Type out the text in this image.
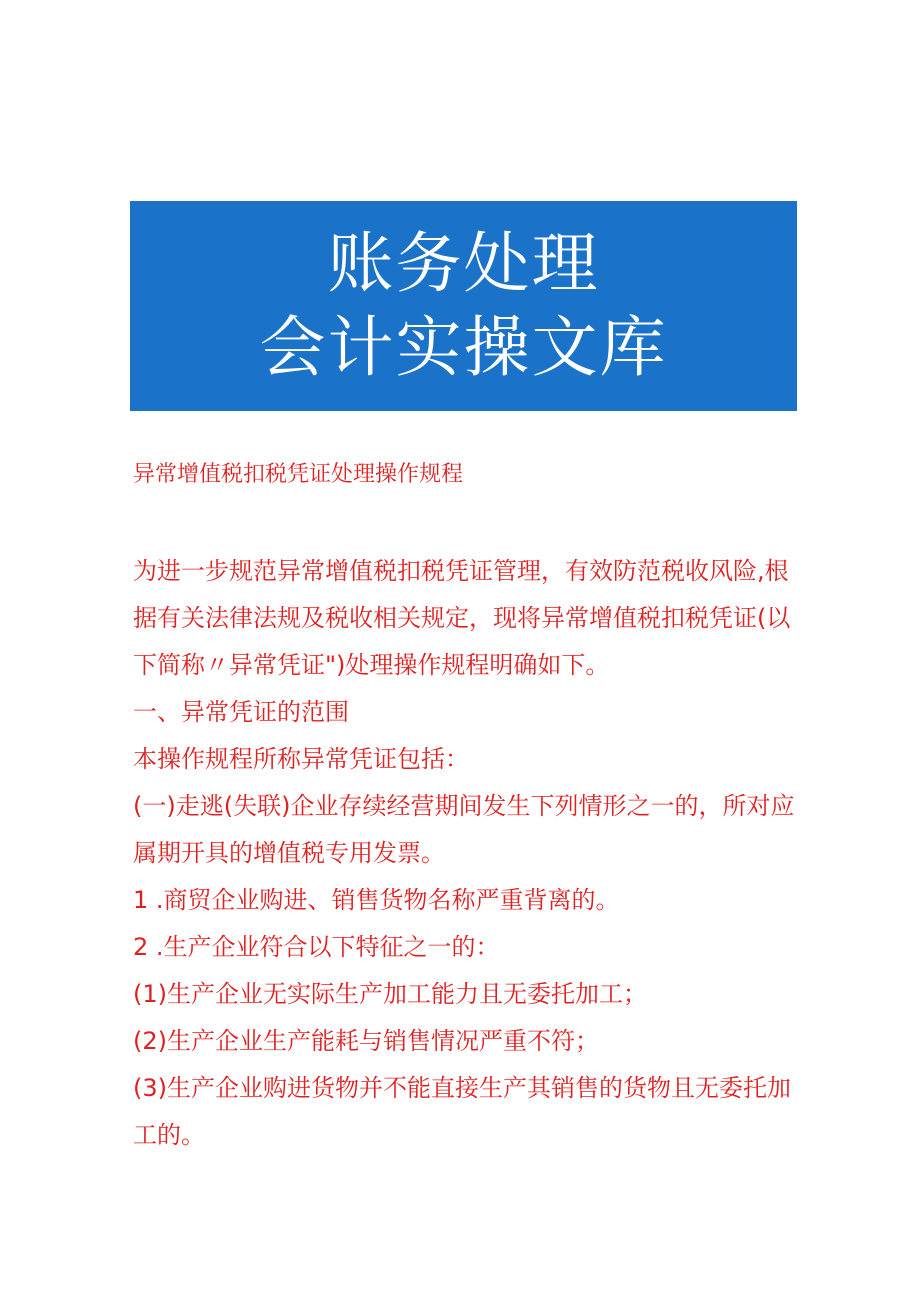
账务处理
会计实操文库
异常增值税扣税凭证处理操作规程

为进一步规范异常增值税扣税凭证管理，有效防范税收风险,根据有关法律法规及税收相关规定，现将异常增值税扣税凭证(以下简称〃异常凭证")处理操作规程明确如下。

一、异常凭证的范围

本操作规程所称异常凭证包括：

(一)走逃(失联)企业存续经营期间发生下列情形之一的，所对应属期开具的增值税专用发票。

1 .商贸企业购进、销售货物名称严重背离的。

2 .生产企业符合以下特征之一的：

(1)生产企业无实际生产加工能力且无委托加工；

(2)生产企业生产能耗与销售情况严重不符；

(3)生产企业购进货物并不能直接生产其销售的货物且无委托加工的。
